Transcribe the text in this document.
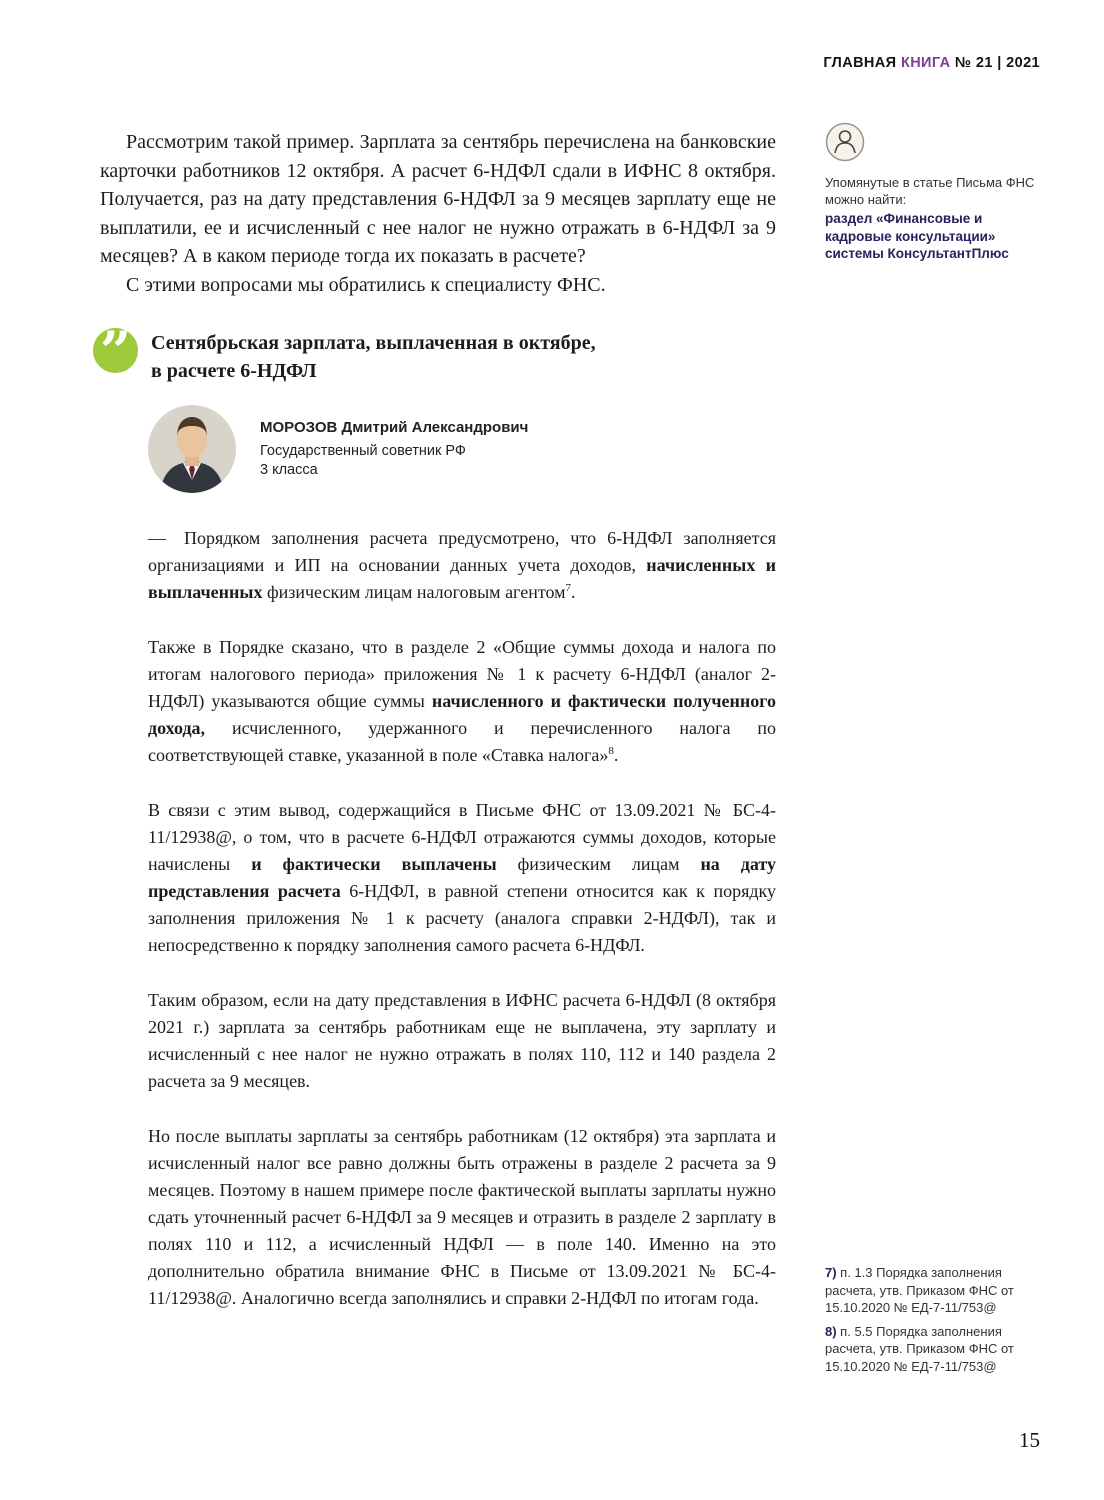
ГЛАВНАЯ КНИГА № 21 | 2021

Рассмотрим такой пример. Зарплата за сентябрь перечислена на банковские карточки работников 12 октября. А расчет 6-НДФЛ сдали в ИФНС 8 октября. Получается, раз на дату представления 6-НДФЛ за 9 месяцев зарплату еще не выплатили, ее и исчисленный с нее налог не нужно отражать в 6-НДФЛ за 9 месяцев? А в каком периоде тогда их показать в расчете?

С этими вопросами мы обратились к специалисту ФНС.

” Сентябрьская зарплата, выплаченная в октябре,
в расчете 6-НДФЛ
МОРОЗОВ Дмитрий Александрович
Государственный советник РФ
3 класса

— Порядком заполнения расчета предусмотрено, что 6-НДФЛ заполняется организациями и ИП на основании данных учета доходов, начисленных и выплаченных физическим лицам налоговым агентом$^7$.

Также в Порядке сказано, что в разделе 2 «Общие суммы дохода и налога по итогам налогового периода» приложения № 1 к расчету 6-НДФЛ (аналог 2-НДФЛ) указываются общие суммы начисленного и фактически полученного дохода, исчисленного, удержанного и перечисленного налога по соответствующей ставке, указанной в поле «Ставка налога»$^8$.

В связи с этим вывод, содержащийся в Письме ФНС от 13.09.2021 № БС-4-11/12938@, о том, что в расчете 6-НДФЛ отражаются суммы доходов, которые начислены и фактически выплачены физическим лицам на дату представления расчета 6-НДФЛ, в равной степени относится как к порядку заполнения приложения № 1 к расчету (аналога справки 2-НДФЛ), так и непосредственно к порядку заполнения самого расчета 6-НДФЛ.

Таким образом, если на дату представления в ИФНС расчета 6-НДФЛ (8 октября 2021 г.) зарплата за сентябрь работникам еще не выплачена, эту зарплату и исчисленный с нее налог не нужно отражать в полях 110, 112 и 140 раздела 2 расчета за 9 месяцев.

Но после выплаты зарплаты за сентябрь работникам (12 октября) эта зарплата и исчисленный налог все равно должны быть отражены в разделе 2 расчета за 9 месяцев. Поэтому в нашем примере после фактической выплаты зарплаты нужно сдать уточненный расчет 6-НДФЛ за 9 месяцев и отразить в разделе 2 зарплату в полях 110 и 112, а исчисленный НДФЛ — в поле 140. Именно на это дополнительно обратила внимание ФНС в Письме от 13.09.2021 № БС-4-11/12938@. Аналогично всегда заполнялись и справки 2-НДФЛ по итогам года.

Упомянутые в статье Письма ФНС можно найти:

раздел «Финансовые и кадровые консультации» системы КонсультантПлюс

7) п. 1.3 Порядка заполнения расчета, утв. Приказом ФНС от 15.10.2020 № ЕД-7-11/753@
8) п. 5.5 Порядка заполнения расчета, утв. Приказом ФНС от 15.10.2020 № ЕД-7-11/753@
15
